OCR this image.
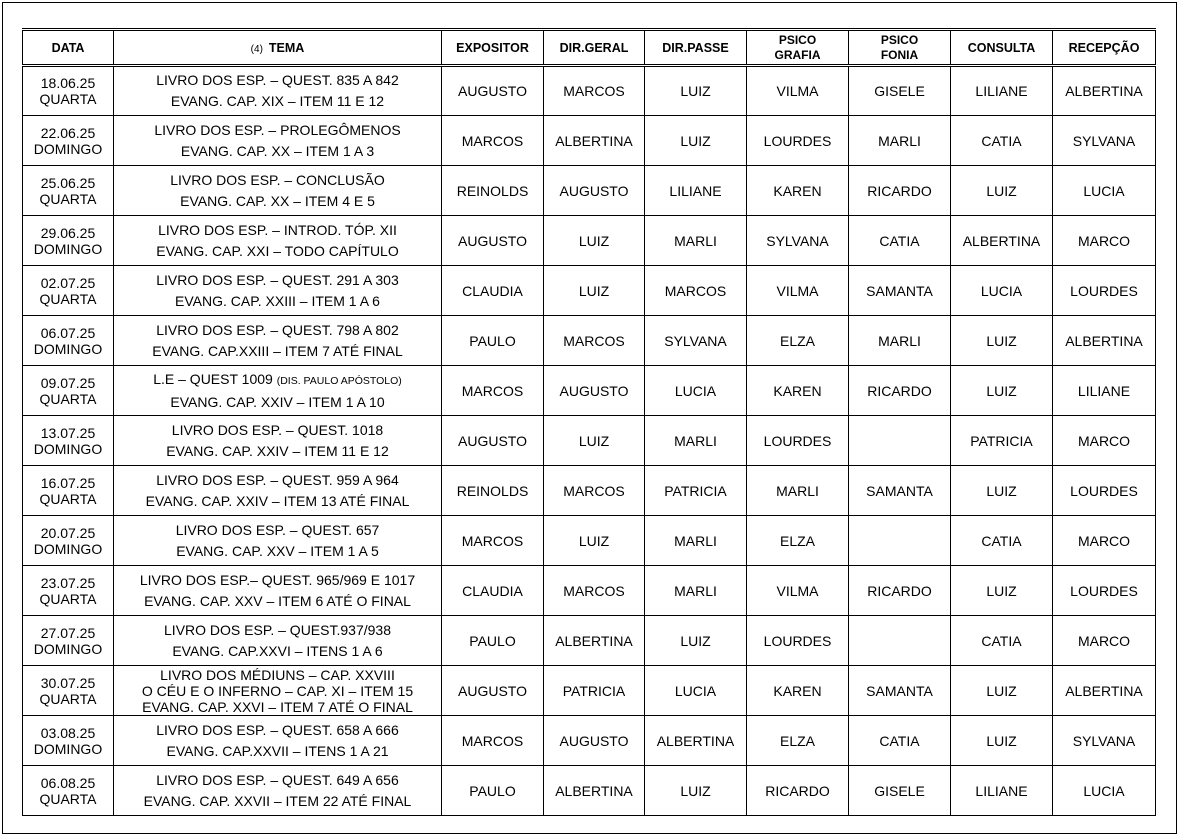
DATA	(4) TEMA	EXPOSITOR	DIR.GERAL	DIR.PASSE	PSICO
GRAFIA	PSICO
FONIA	CONSULTA	RECEPÇÃO

18.06.25
QUARTA	LIVRO DOS ESP. – QUEST. 835 A 842
EVANG. CAP. XIX – ITEM 11 E 12	AUGUSTO	MARCOS	LUIZ	VILMA	GISELE	LILIANE	ALBERTINA

22.06.25
DOMINGO	LIVRO DOS ESP. – PROLEGÔMENOS
EVANG. CAP. XX – ITEM 1 A 3	MARCOS	ALBERTINA	LUIZ	LOURDES	MARLI	CATIA	SYLVANA

25.06.25
QUARTA	LIVRO DOS ESP. – CONCLUSÃO
EVANG. CAP. XX – ITEM 4 E 5	REINOLDS	AUGUSTO	LILIANE	KAREN	RICARDO	LUIZ	LUCIA

29.06.25
DOMINGO	LIVRO DOS ESP. – INTROD. TÓP. XII
EVANG. CAP. XXI – TODO CAPÍTULO	AUGUSTO	LUIZ	MARLI	SYLVANA	CATIA	ALBERTINA	MARCO

02.07.25
QUARTA	LIVRO DOS ESP. – QUEST. 291 A 303
EVANG. CAP. XXIII – ITEM 1 A 6	CLAUDIA	LUIZ	MARCOS	VILMA	SAMANTA	LUCIA	LOURDES

06.07.25
DOMINGO	LIVRO DOS ESP. – QUEST. 798 A 802
EVANG. CAP.XXIII – ITEM 7 ATÉ FINAL	PAULO	MARCOS	SYLVANA	ELZA	MARLI	LUIZ	ALBERTINA

09.07.25
QUARTA	L.E – QUEST 1009 (DIS. PAULO APÓSTOLO)
EVANG. CAP. XXIV – ITEM 1 A 10	MARCOS	AUGUSTO	LUCIA	KAREN	RICARDO	LUIZ	LILIANE

13.07.25
DOMINGO	LIVRO DOS ESP. – QUEST. 1018
EVANG. CAP. XXIV – ITEM 11 E 12	AUGUSTO	LUIZ	MARLI	LOURDES		PATRICIA	MARCO

16.07.25
QUARTA	LIVRO DOS ESP. – QUEST. 959 A 964
EVANG. CAP. XXIV – ITEM 13 ATÉ FINAL	REINOLDS	MARCOS	PATRICIA	MARLI	SAMANTA	LUIZ	LOURDES

20.07.25
DOMINGO	LIVRO DOS ESP. – QUEST. 657
EVANG. CAP. XXV – ITEM 1 A 5	MARCOS	LUIZ	MARLI	ELZA		CATIA	MARCO

23.07.25
QUARTA	LIVRO DOS ESP.– QUEST. 965/969 E 1017
EVANG. CAP. XXV – ITEM 6 ATÉ O FINAL	CLAUDIA	MARCOS	MARLI	VILMA	RICARDO	LUIZ	LOURDES

27.07.25
DOMINGO	LIVRO DOS ESP. – QUEST.937/938
EVANG. CAP.XXVI – ITENS 1 A 6	PAULO	ALBERTINA	LUIZ	LOURDES		CATIA	MARCO

30.07.25
QUARTA	LIVRO DOS MÉDIUNS – CAP. XXVIII
O CÉU E O INFERNO – CAP. XI – ITEM 15
EVANG. CAP. XXVI – ITEM 7 ATÉ O FINAL	AUGUSTO	PATRICIA	LUCIA	KAREN	SAMANTA	LUIZ	ALBERTINA

03.08.25
DOMINGO	LIVRO DOS ESP. – QUEST. 658 A 666
EVANG. CAP.XXVII – ITENS 1 A 21	MARCOS	AUGUSTO	ALBERTINA	ELZA	CATIA	LUIZ	SYLVANA

06.08.25
QUARTA	LIVRO DOS ESP. – QUEST. 649 A 656
EVANG. CAP. XXVII – ITEM 22 ATÉ FINAL	PAULO	ALBERTINA	LUIZ	RICARDO	GISELE	LILIANE	LUCIA
